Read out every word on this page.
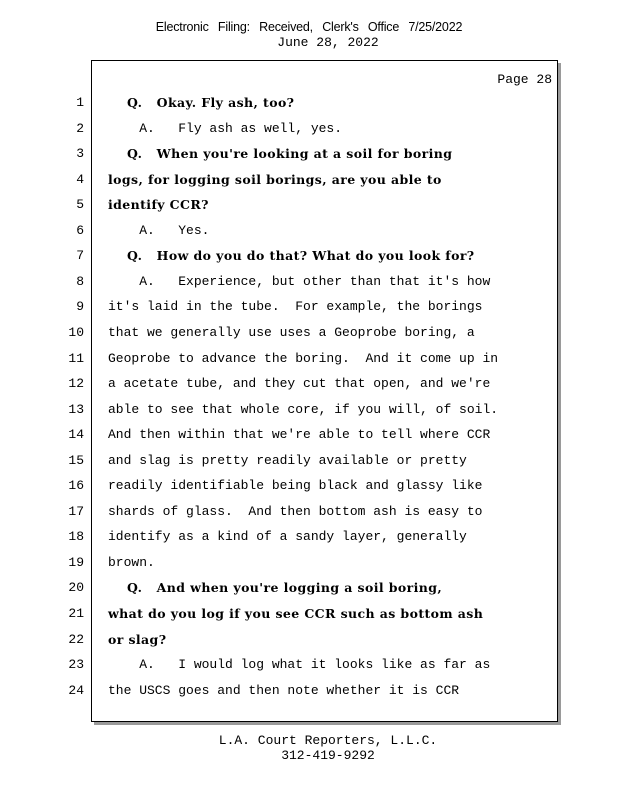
Electronic Filing: Received, Clerk's Office 7/25/2022
June 28, 2022
Page 28
1 Q.   Okay. Fly ash, too?
2 A.   Fly ash as well, yes.
3 Q.   When you're looking at a soil for boring
4 logs, for logging soil borings, are you able to
5 identify CCR?
6 A.   Yes.
7 Q.   How do you do that? What do you look for?
8 A.   Experience, but other than that it's how
9 it's laid in the tube.  For example, the borings
10 that we generally use uses a Geoprobe boring, a
11 Geoprobe to advance the boring.  And it come up in
12 a acetate tube, and they cut that open, and we're
13 able to see that whole core, if you will, of soil.
14 And then within that we're able to tell where CCR
15 and slag is pretty readily available or pretty
16 readily identifiable being black and glassy like
17 shards of glass.  And then bottom ash is easy to
18 identify as a kind of a sandy layer, generally
19 brown.
20 Q.   And when you're logging a soil boring,
21 what do you log if you see CCR such as bottom ash
22 or slag?
23 A.   I would log what it looks like as far as
24 the USCS goes and then note whether it is CCR
L.A. Court Reporters, L.L.C.
312-419-9292
